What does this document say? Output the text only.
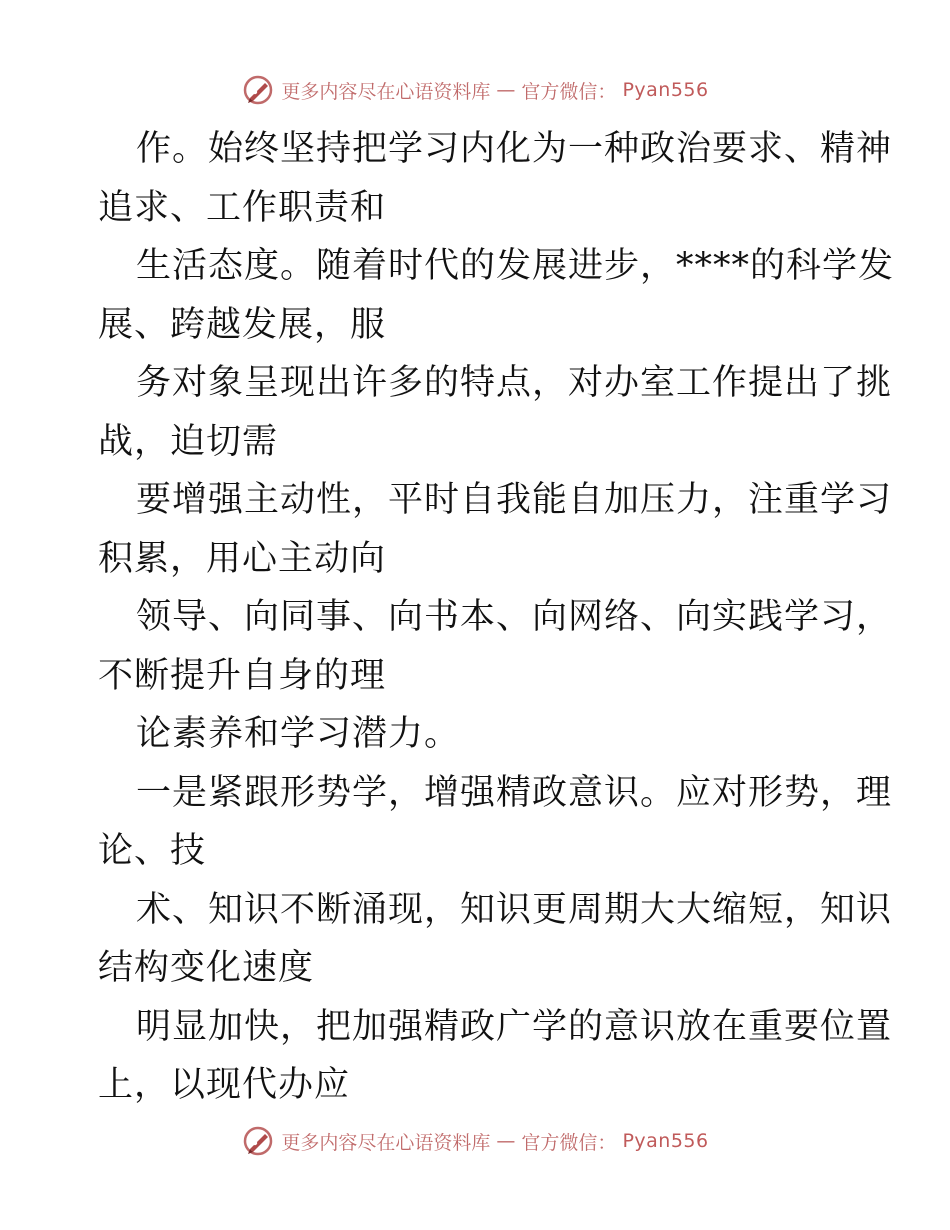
更多内容尽在心语资料库 — 官方微信： Pyan556
作。始终坚持把学习内化为一种政治要求、精神
追求、工作职责和
生活态度。随着时代的发展进步，****的科学发
展、跨越发展，服
务对象呈现出许多的特点，对办室工作提出了挑
战，迫切需
要增强主动性，平时自我能自加压力，注重学习
积累，用心主动向
领导、向同事、向书本、向网络、向实践学习，
不断提升自身的理
论素养和学习潜力。
一是紧跟形势学，增强精政意识。应对形势，理
论、技
术、知识不断涌现，知识更周期大大缩短，知识
结构变化速度
明显加快，把加强精政广学的意识放在重要位置
上，以现代办应
更多内容尽在心语资料库 — 官方微信： Pyan556
